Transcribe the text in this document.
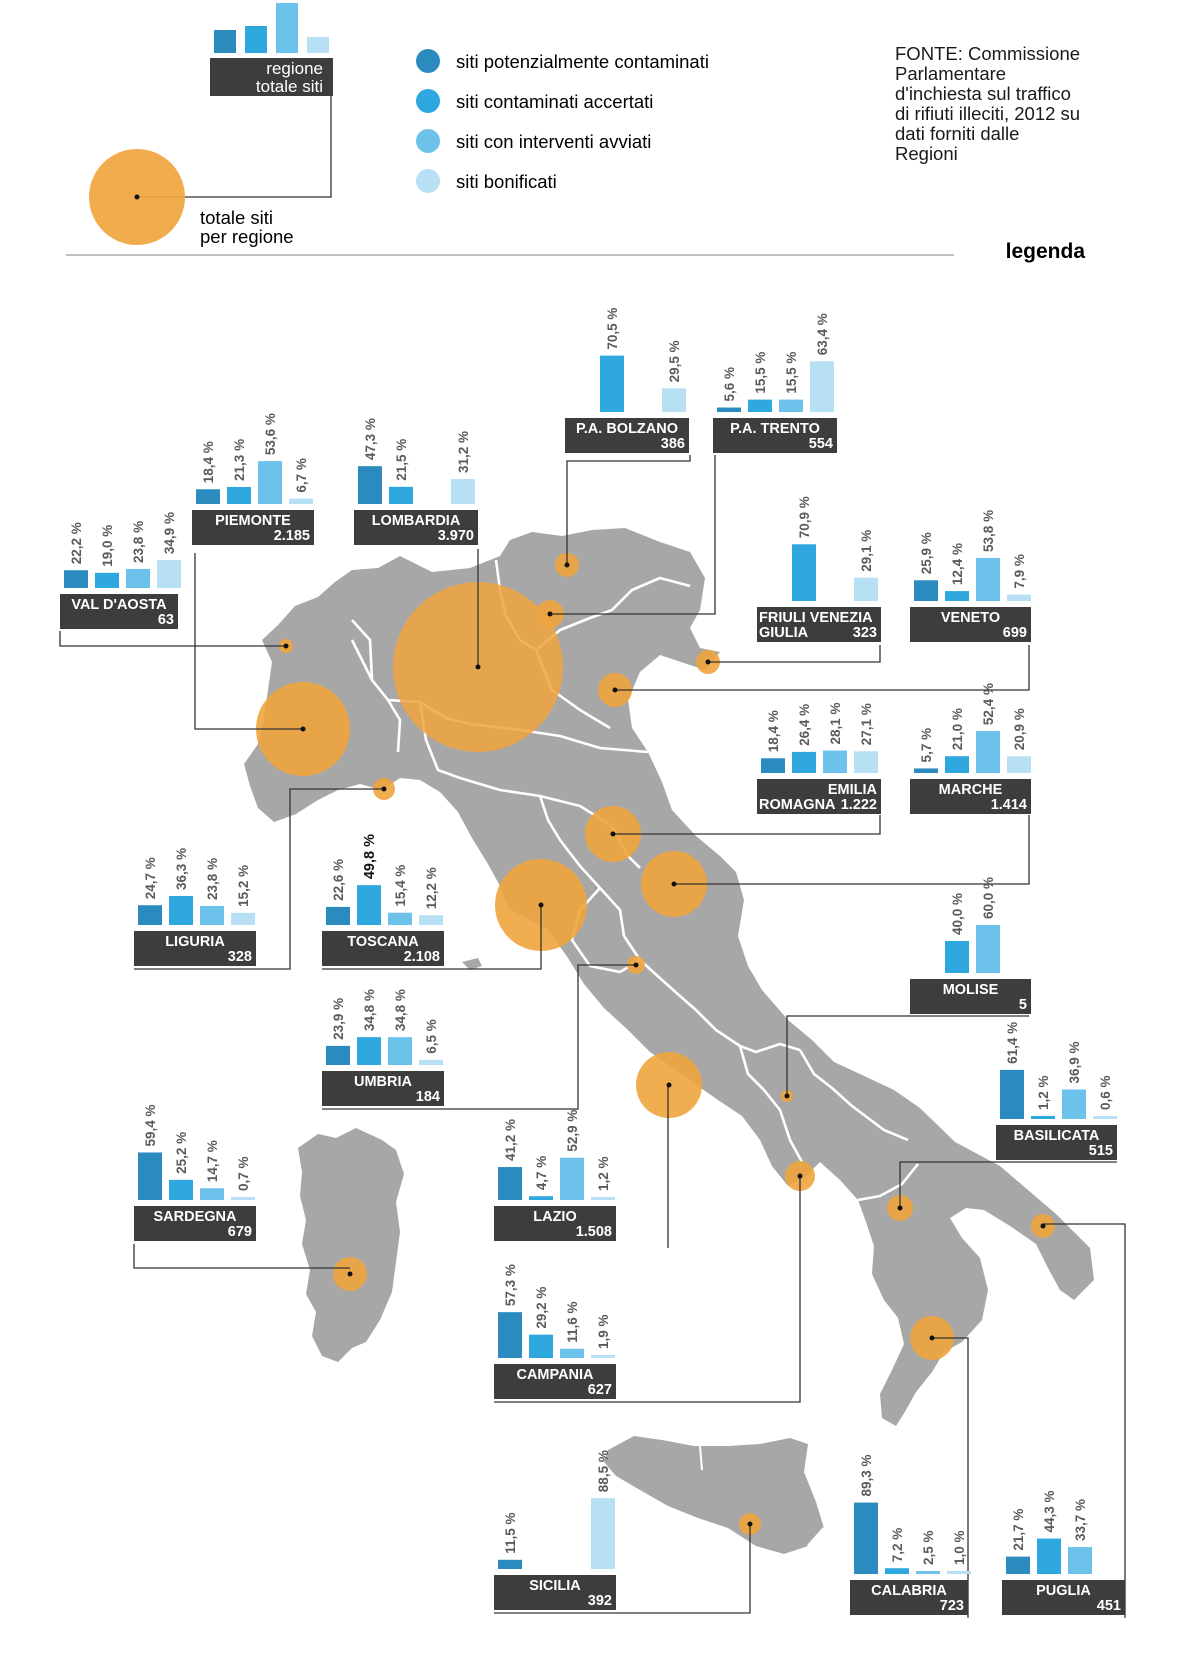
regione
totale siti
totale siti
per regione
siti potenzialmente contaminati
siti contaminati accertati
siti con interventi avviati
siti bonificati
legenda
22,2 % 19,0 % 23,8 % 34,9 %
VAL D'AOSTA
63
18,4 % 21,3 %
53,6 %
6,7 %
PIEMONTE
2.185
47,3 % 21,5 %	31,2 %
LOMBARDIA
3.970
70,5 %
29,5 %
P.A. BOLZANO
386
5,6 % 15,5 % 15,5 %
63,4 %
P.A. TRENTO
554
70,9 %
29,1 %
FRIULI VENEZIA
GIULIA	323
25,9 % 12,4 %
53,8 %
7,9 %
VENETO
699
18,4 % 26,4 % 28,1 % 27,1 %
EMILIA
ROMAGNA 1.222
5,7 % 21,0 %
52,4 %
20,9 %
MARCHE
1.414
24,7 % 36,3 % 23,8 % 15,2 %
LIGURIA
328
22,6 %
49,8 %
15,4 % 12,2 %
TOSCANA
2.108
40,0 % 60,0 %
MOLISE
5
23,9 % 34,8 % 34,8 %
6,5 %
UMBRIA
184
61,4 %
1,2 %
36,9 %
0,6 %
BASILICATA
515
59,4 %
25,2 % 14,7 % 0,7 %
SARDEGNA
679
41,2 %
4,7 %
52,9 %
1,2 %
LAZIO
1.508
57,3 %
29,2 % 11,6 % 1,9 %
CAMPANIA
627
11,5 %
88,5 %
SICILIA
392
89,3 %
7,2 % 2,5 % 1,0 %
CALABRIA
723
21,7 % 44,3 % 33,7 %
PUGLIA
451
FONTE: Commissione
Parlamentare
d'inchiesta sul traffico
di rifiuti illeciti, 2012 su
dati forniti dalle
Regioni
